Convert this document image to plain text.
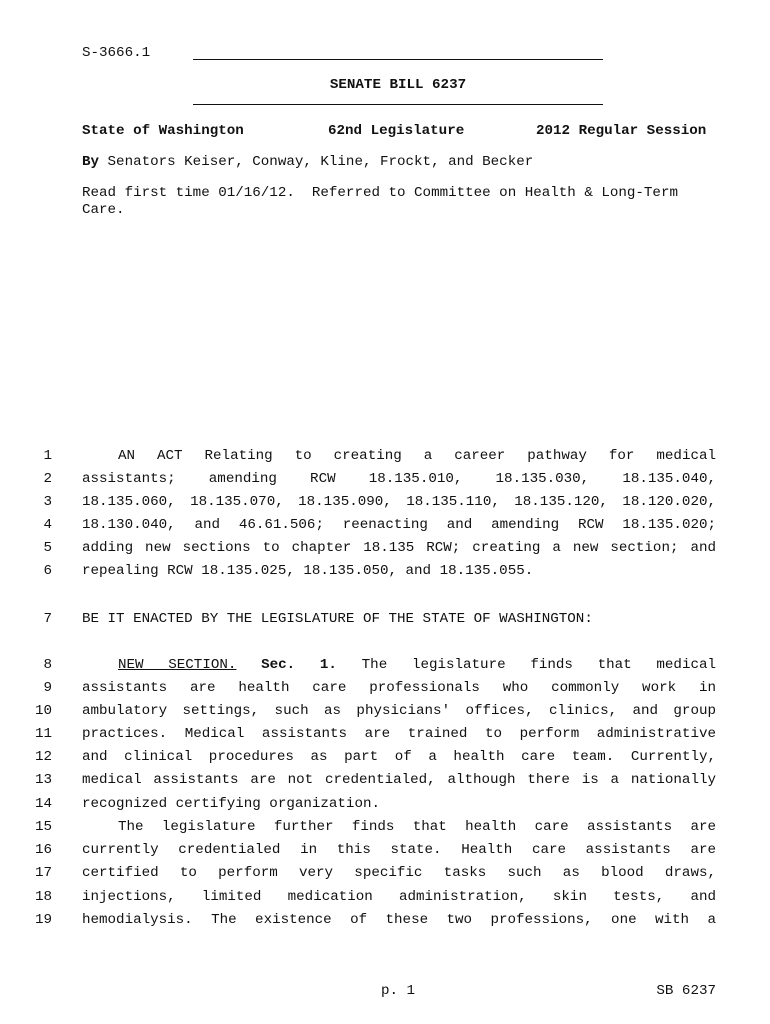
S-3666.1
SENATE BILL 6237
State of Washington	62nd Legislature	2012 Regular Session
By Senators Keiser, Conway, Kline, Frockt, and Becker
Read first time 01/16/12.  Referred to Committee on Health & Long-Term
Care.
1	AN ACT Relating to creating a career pathway for medical
2 assistants; amending RCW 18.135.010, 18.135.030, 18.135.040,
3 18.135.060, 18.135.070, 18.135.090, 18.135.110, 18.135.120, 18.120.020,
4 18.130.040, and 46.61.506; reenacting and amending RCW 18.135.020;
5 adding new sections to chapter 18.135 RCW; creating a new section; and
6 repealing RCW 18.135.025, 18.135.050, and 18.135.055.
7 BE IT ENACTED BY THE LEGISLATURE OF THE STATE OF WASHINGTON:
8	NEW SECTION. Sec. 1. The legislature finds that medical
9 assistants are health care professionals who commonly work in
10 ambulatory settings, such as physicians' offices, clinics, and group
11 practices. Medical assistants are trained to perform administrative
12 and clinical procedures as part of a health care team. Currently,
13 medical assistants are not credentialed, although there is a nationally
14 recognized certifying organization.
15	The legislature further finds that health care assistants are
16 currently credentialed in this state. Health care assistants are
17 certified to perform very specific tasks such as blood draws,
18 injections, limited medication administration, skin tests, and
19 hemodialysis. The existence of these two professions, one with a
p. 1	SB 6237
